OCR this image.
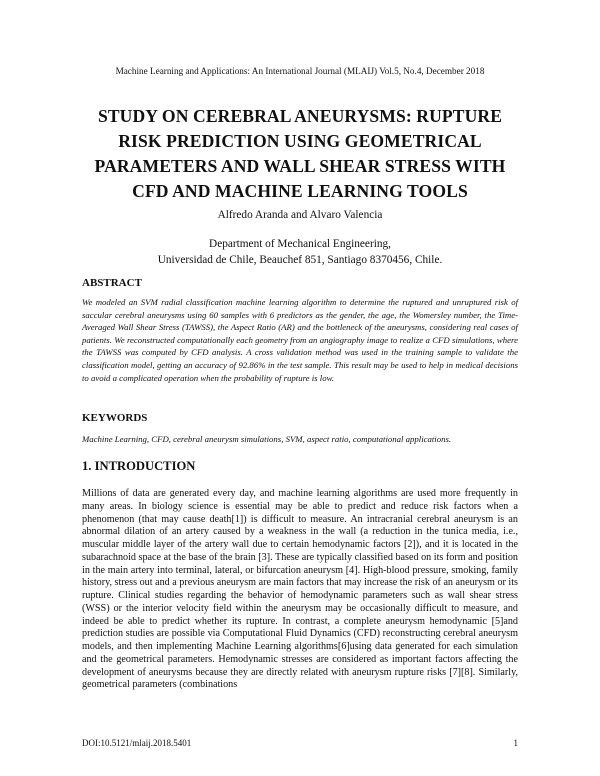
Machine Learning and Applications: An International Journal (MLAIJ) Vol.5, No.4, December 2018
STUDY ON CEREBRAL ANEURYSMS: RUPTURE
RISK PREDICTION USING GEOMETRICAL
PARAMETERS AND WALL SHEAR STRESS WITH
CFD AND MACHINE LEARNING TOOLS
Alfredo Aranda and Alvaro Valencia
Department of Mechanical Engineering,
Universidad de Chile, Beauchef 851, Santiago 8370456, Chile.
ABSTRACT
We modeled an SVM radial classification machine learning algorithm to determine the ruptured and unruptured risk of saccular cerebral aneurysms using 60 samples with 6 predictors as the gender, the age, the Womersley number, the Time-Averaged Wall Shear Stress (TAWSS), the Aspect Ratio (AR) and the bottleneck of the aneurysms, considering real cases of patients. We reconstructed computationally each geometry from an angiography image to realize a CFD simulations, where the TAWSS was computed by CFD analysis. A cross validation method was used in the training sample to validate the classification model, getting an accuracy of 92.86% in the test sample. This result may be used to help in medical decisions to avoid a complicated operation when the probability of rupture is low.
KEYWORDS
Machine Learning, CFD, cerebral aneurysm simulations, SVM, aspect ratio, computational applications.
1. INTRODUCTION
Millions of data are generated every day, and machine learning algorithms are used more frequently in many areas. In biology science is essential may be able to predict and reduce risk factors when a phenomenon (that may cause death[1]) is difficult to measure. An intracranial cerebral aneurysm is an abnormal dilation of an artery caused by a weakness in the wall (a reduction in the tunica media, i.e., muscular middle layer of the artery wall due to certain hemodynamic factors [2]), and it is located in the subarachnoid space at the base of the brain [3]. These are typically classified based on its form and position in the main artery into terminal, lateral, or bifurcation aneurysm [4]. High-blood pressure, smoking, family history, stress out and a previous aneurysm are main factors that may increase the risk of an aneurysm or its rupture. Clinical studies regarding the behavior of hemodynamic parameters such as wall shear stress (WSS) or the interior velocity field within the aneurysm may be occasionally difficult to measure, and indeed be able to predict whether its rupture. In contrast, a complete aneurysm hemodynamic [5]and prediction studies are possible via Computational Fluid Dynamics (CFD) reconstructing cerebral aneurysm models, and then implementing Machine Learning algorithms[6]using data generated for each simulation and the geometrical parameters. Hemodynamic stresses are considered as important factors affecting the development of aneurysms because they are directly related with aneurysm rupture risks [7][8]. Similarly, geometrical parameters (combinations
DOI:10.5121/mlaij.2018.5401	1
